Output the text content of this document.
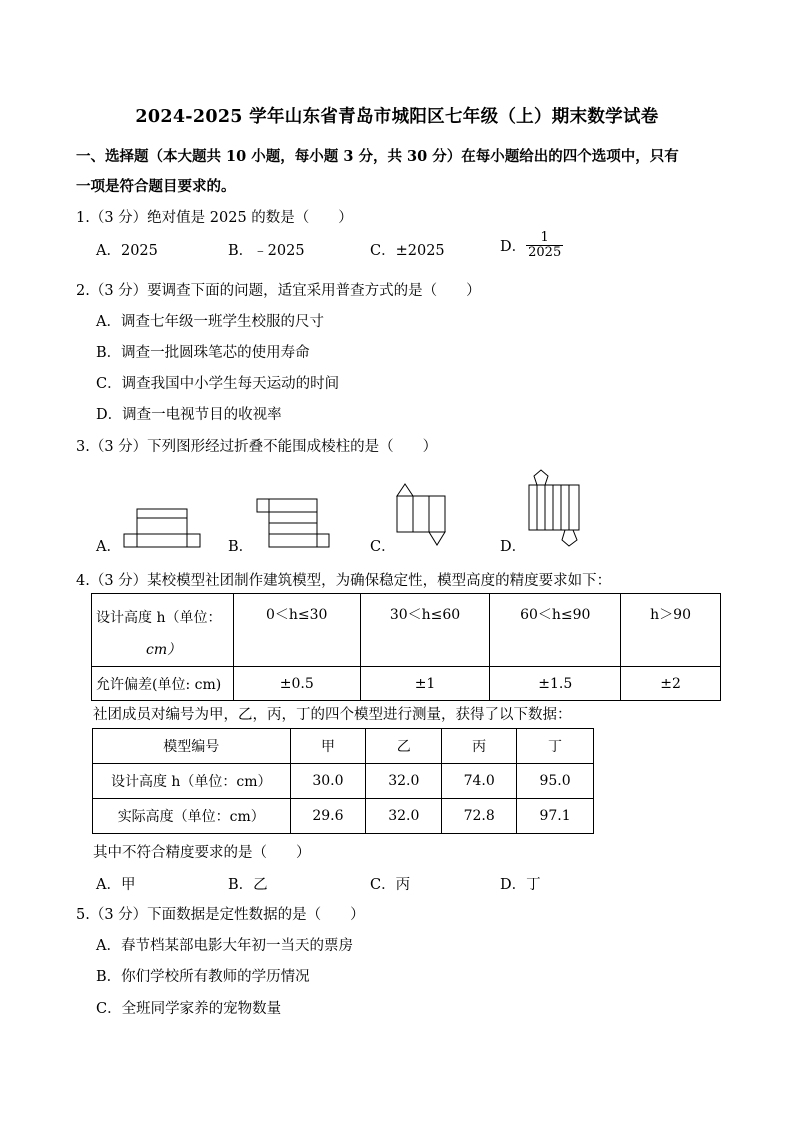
2024-2025 学年山东省青岛市城阳区七年级（上）期末数学试卷
一、选择题（本大题共 10 小题，每小题 3 分，共 30 分）在每小题给出的四个选项中，只有
一项是符合题目要求的。
1.（3 分）绝对值是 2025 的数是（　　）
A．2025	B．﹣2025	C．±2025	D． $\frac{1}{2025}$
2.（3 分）要调查下面的问题，适宜采用普查方式的是（　　）
A．调查七年级一班学生校服的尺寸
B．调查一批圆珠笔芯的使用寿命
C．调查我国中小学生每天运动的时间
D．调查一电视节目的收视率
3.（3 分）下列图形经过折叠不能围成棱柱的是（　　）
A．	B．	C．	D．
4.（3 分）某校模型社团制作建筑模型，为确保稳定性，模型高度的精度要求如下：
设计高度 h（单位：
cm）	0＜h≤30	30＜h≤60	60＜h≤90	h＞90
允许偏差(单位: cm)	±0.5	±1	±1.5	±2
社团成员对编号为甲，乙，丙，丁的四个模型进行测量，获得了以下数据：
模型编号	甲	乙	丙	丁
设计高度 h（单位：cm）	30.0	32.0	74.0	95.0
实际高度（单位：cm）	29.6	32.0	72.8	97.1
其中不符合精度要求的是（　　）
A．甲	B．乙	C．丙	D．丁
5.（3 分）下面数据是定性数据的是（　　）
A．春节档某部电影大年初一当天的票房
B．你们学校所有教师的学历情况
C．全班同学家养的宠物数量
